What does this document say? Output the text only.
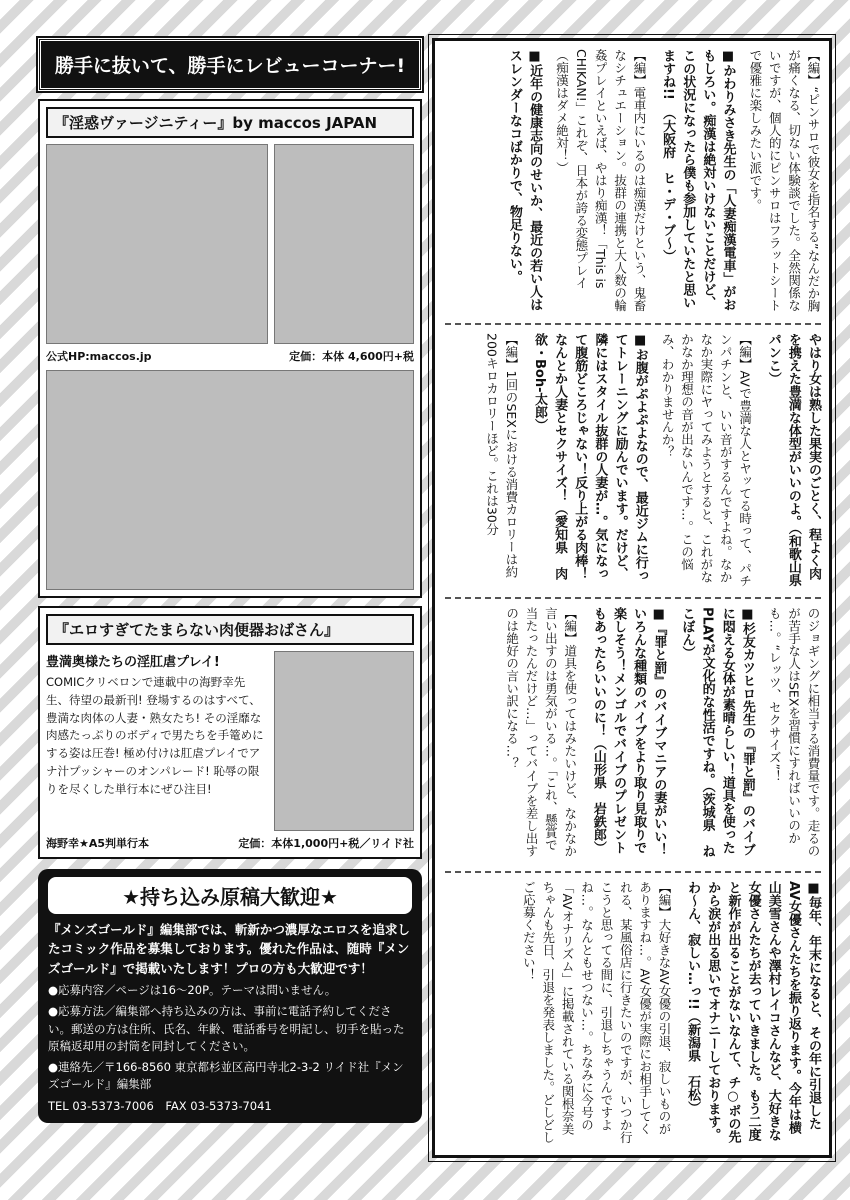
勝手に抜いて、勝手にレビューコーナー!
『淫惑ヴァージニティー』by maccos JAPAN
公式HP:maccos.jp	定価：本体 4,600円+税
『エロすぎてたまらない肉便器おばさん』
豊満奥様たちの淫肛虐プレイ!
COMICクリベロンで連載中の海野幸先生、待望の最新刊! 登場するのはすべて、豊満な肉体の人妻・熟女たち! その淫靡な肉感たっぷりのボディで男たちを手篭めにする姿は圧巻! 極め付けは肛虐プレイでアナ汁プッシャーのオンパレード! 恥辱の限りを尽くした単行本にぜひ注目!
海野幸★A5判単行本	定価：本体1,000円+税／リイド社
★持ち込み原稿大歓迎★
『メンズゴールド』編集部では、斬新かつ濃厚なエロスを追求したコミック作品を募集しております。優れた作品は、随時『メンズゴールド』で掲載いたします！プロの方も大歓迎です！
●応募内容／ページは16～20P。テーマは問いません。
●応募方法／編集部へ持ち込みの方は、事前に電話予約してください。郵送の方は住所、氏名、年齢、電話番号を明記し、切手を貼った原稿返却用の封筒を同封してください。
●連絡先／〒166-8560 東京都杉並区高円寺北2-3-2 リイド社『メンズゴールド』編集部
TEL 03-5373-7006　FAX 03-5373-7041

【編】“ピンサロで彼女を指名する”なんだか胸が痛くなる、切ない体験談でした。全然関係ないですが、個人的にピンサロはフラットシートで優雅に楽しみたい派です。

■かわりみさき先生の「人妻痴漢電車」がおもしろい。痴漢は絶対いけないことだけど、この状況になったら僕も参加していたと思いますね!!　（大阪府　ヒ・デ・ブ～）

【編】電車内にいるのは痴漢だけという、鬼畜なシチュエーション。抜群の連携と大人数の輪姦プレイといえば、やはり痴漢！「This is CHIKAN!」これぞ、日本が誇る変態プレイ（痴漢はダメ絶対！）

■近年の健康志向のせいか、最近の若い人はスレンダーなコばかりで、物足りない。

やはり女は熟した果実のごとく、程よく肉を携えた豊満な体型がいいのよ。（和歌山県　パンこ）

【編】AVで豊満な人とヤッてる時って、パチンパチンと、いい音がするんですよね。なかなか実際にヤってみようとすると、これがなかなか理想の音が出ないんです…。この悩み、わかりませんか？

■お腹がぷよぷよなので、最近ジムに行ってトレーニングに励んでいます。だけど、隣にはスタイル抜群の人妻が…。気になって腹筋どころじゃない！反り上がる肉棒！なんとか人妻とセクサイズ！（愛知県　肉欲・Boh-太郎）

【編】1回のSEXにおける消費カロリーは約200キロカロリーほど。これは30分

のジョギングに相当する消費量です。走るのが苦手な人はSEXを習慣にすればいいのかも…。“レッツ、セクサイズ”！

■杉友カツヒロ先生の『罪と罰』のバイブに悶える女体が素晴らしい！道具を使ったPLAYが文化的な性活ですね。（茨城県　ねこぼん）

■『罪と罰』のバイブマニアの妻がいい！いろんな種類のバイブをより取り見取りで楽しそう！メンゴルでバイブのプレゼントもあったらいいのに！（山形県　岩鉄郎）

【編】道具を使ってはみたいけど、なかなか言い出すのは勇気がいる…。「これ、懸賞で当たったんだけど…」ってバイブを差し出すのは絶好の言い訳になる…？

■毎年、年末になると、その年に引退したAV女優さんたちを振り返ります。今年は横山美雪さんや澤村レイコさんなど、大好きな女優さんたちが去っていきました。もう二度と新作が出ることがないなんて、チ○ポの先から涙が出る思いでオナニーしております。わ～ん、寂しい…っ!!（新潟県　石松）

【編】大好きなAV女優の引退、寂しいものがありますね…。AV女優が実際にお相手してくれる、某風俗店に行きたいのですが、いつか行こうと思ってる間に、引退しちゃうんですよね…。なんともせつない…。ちなみに今号の「AVオナリズム」に掲載されている関根奈美ちゃんも先日、引退を発表しました。どしどしご応募ください！
